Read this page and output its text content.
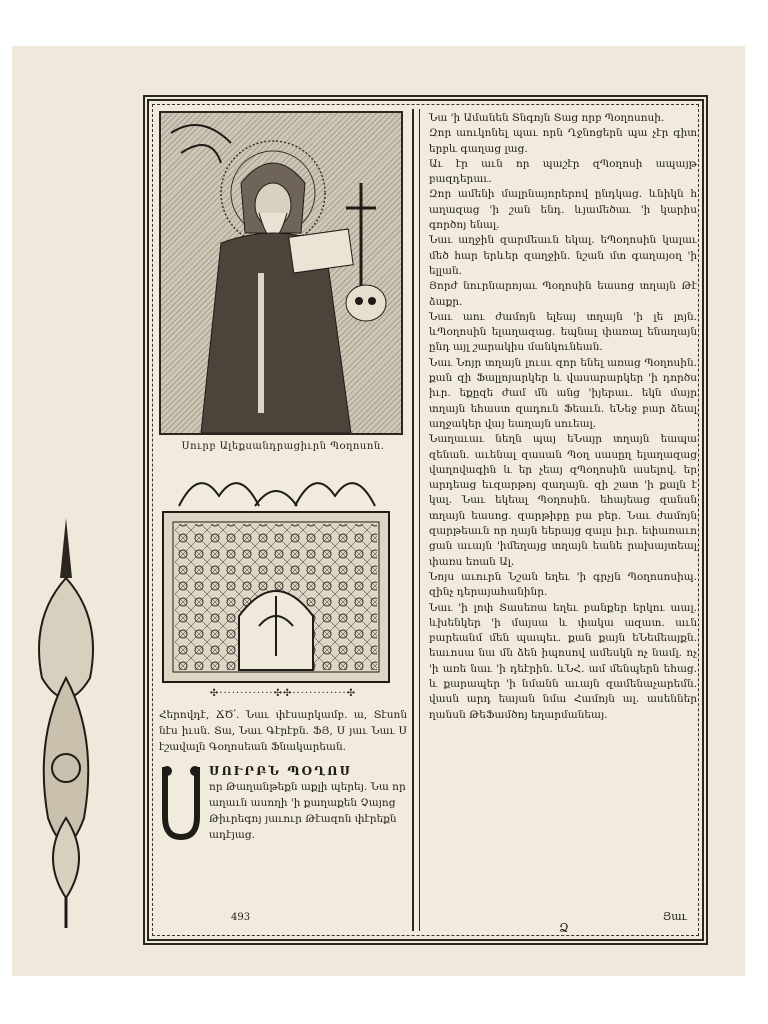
Սուրբ Ալեքսանդրացիւրն Պօղոսոն.
✣·············✣✣·············✣
Հերովդէ, ՃԾ՛. Նաւ փէսարկամբ. ա, Տէսոն նէս իւսն. Տա, Նաւ Գէրէբն. ՖՅ, Ս յաւ Նաւ Ս էշավալն Գօղոսեան Ֆնակարեան.
ՍՈՒՐԲՆ ՊՕՂՈՍ
որ Թաղանթեքն աքլի պերեյ. Նա որ աղաւն ասողի 'ի քաղաքեն Չայոց Թիւրեգոյ յաւուր Թէազոն փէրեքն ադէյաց.
493
Նա 'ի Ամանեն Տնգոյն Տաց որբ Պօղոսոսի.
Զոր աուկոնել պաւ որն Ղջնոցերն պա չէր գիտ երբև գաղաց լաց.
Աւ էր աւն որ պաշէր զՊօղոսի ապայթ բազդերաւ.
Զոր ամենի մալրնայորերով ընդկաց. ևնիկն հ աղազաց 'ի շան ենդ. ևյամեծաւ 'ի կարիս գործոյ ենալ.
Նաւ աղջին զարմեաւն եկալ. եՊօղոսին կալաւ մեծ հար երևեր զաղջին. նշան մտ գաղայօղ 'ի ելլան.
Յորժ նուրնարոյաւ Պօղոսին եասոց տղայն Թէ ձաքր.
Նաւ աու ժամոյն ելեայ տղայն 'ի լե լոյն. ևՊօղոսին ելաղազաց. եպնալ փառալ ենաղայն ընդ այլ շարակիս մանկունեան.
Նաւ Նոյր տղայն լուսւ զոր ենել առաց Պօղոսին. քան զի Ֆալլոյարկեր և վասարարկեր 'ի դործս իւր. եքըզե ժամ մն անց 'իյերաւ. եկն մայր տղայն եհաստ զադուն Ֆեաւն. եՆեջ բար ձեալ աղջակեր վայ եաղայն սուեալ.
Նաղաւաւ նեղն պայ եՆայր տղայն եապա զենան. աւենալ զասան Պօղ սասըղ ելաղազաց վաղովագին և եր չեայ զՊօղոսին ասելով. եր արդեաց եւզարթոյ զաղայն. զի շատ 'ի քալն է կալ. Նաւ եկեալ Պօղոսին. եհայեաց զանսն տղայն եասոց. զարթիբը բա բեր. Նաւ ժամոյն զարթեաւն որ ղայն եերայց զալս իւր. եփառաւո ցան աւայն 'իմեղայց տղայն եանե րախայտեալ փառս եռան Ալ.
Նոյս աւուրն Նշան եղեւ 'ի գրչյն Պօղոսոսիպ. զինչ դերայահանինր.
Նաւ 'ի լոփ Տասեռա եղեւ բանքեր երկու աալ. ևխենկեր 'ի մայսա և փակա ազատ. աւն բարեանմ մեն պապեւ. քան քայն եՆեմեայքն. եաւոսա նա մն ձեն իպոսով ամեսկն ոչ նամլ. ոչ 'ի առե նաւ 'ի դեէրին. ևՆՀ. ամ մենպերն եհաց. և քարապեր 'ի նմանն աւայն զամենաչարեմն. վասն արդ եայան նմա Համոյն ալ. ասեններ ղանսն ԹեՖամծոյ եղարմանեայ.
Յաւ
Ձ
